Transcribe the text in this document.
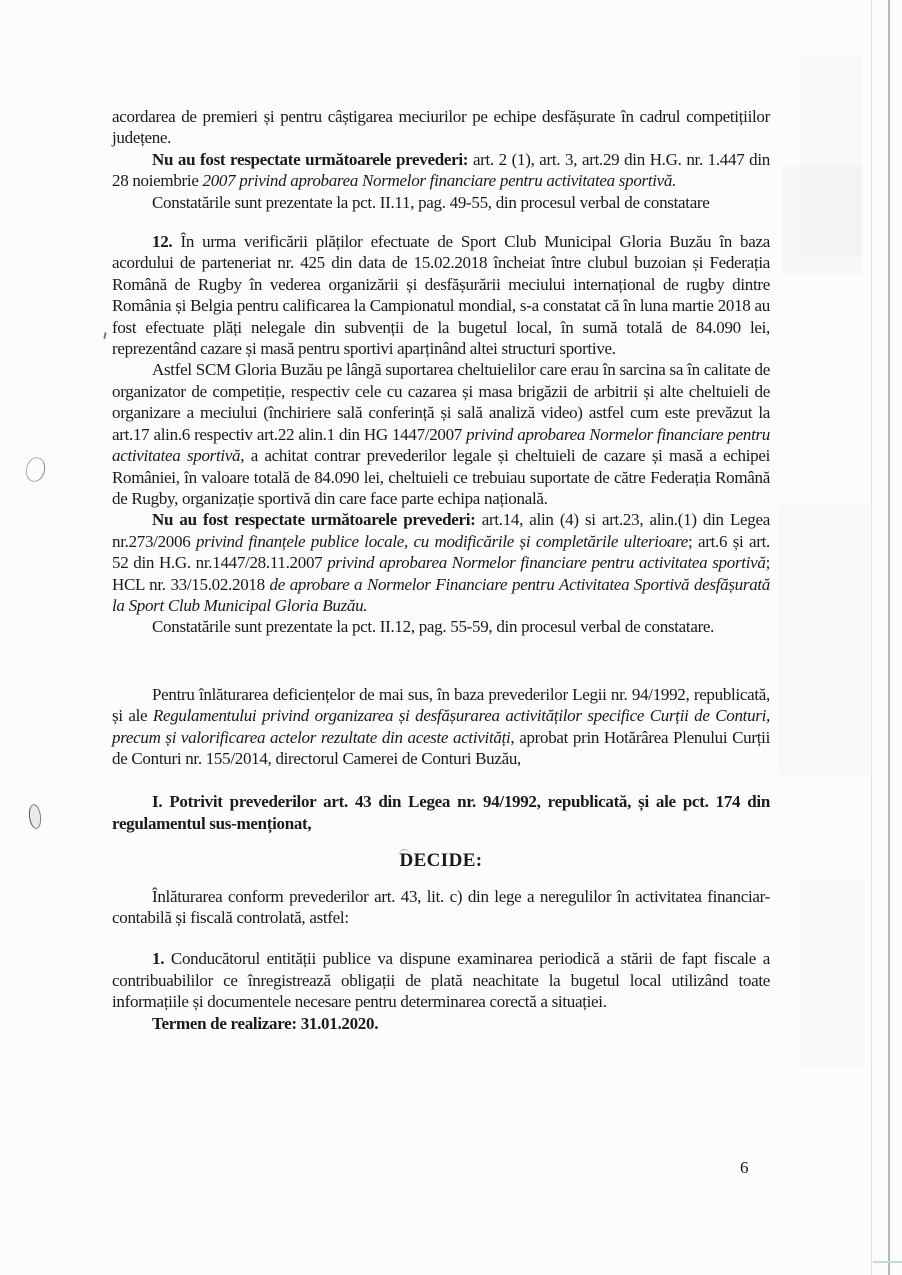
acordarea de premieri și pentru câștigarea meciurilor pe echipe desfășurate în cadrul competițiilor județene.

Nu au fost respectate următoarele prevederi: art. 2 (1), art. 3, art.29 din H.G. nr. 1.447 din 28 noiembrie 2007 privind aprobarea Normelor financiare pentru activitatea sportivă.

Constatările sunt prezentate la pct. II.11, pag. 49-55, din procesul verbal de constatare

12. În urma verificării plăților efectuate de Sport Club Municipal Gloria Buzău în baza acordului de parteneriat nr. 425 din data de 15.02.2018 încheiat între clubul buzoian și Federația Română de Rugby în vederea organizării și desfășurării meciului internațional de rugby dintre România și Belgia pentru calificarea la Campionatul mondial, s-a constatat că în luna martie 2018 au fost efectuate plăți nelegale din subvenții de la bugetul local, în sumă totală de 84.090 lei, reprezentând cazare și masă pentru sportivi aparținând altei structuri sportive.

Astfel SCM Gloria Buzău pe lângă suportarea cheltuielilor care erau în sarcina sa în calitate de organizator de competiție, respectiv cele cu cazarea și masa brigăzii de arbitrii și alte cheltuieli de organizare a meciului (închiriere sală conferință și sală analiză video) astfel cum este prevăzut la art.17 alin.6 respectiv art.22 alin.1 din HG 1447/2007 privind aprobarea Normelor financiare pentru activitatea sportivă, a achitat contrar prevederilor legale și cheltuieli de cazare și masă a echipei României, în valoare totală de 84.090 lei, cheltuieli ce trebuiau suportate de către Federația Română de Rugby, organizație sportivă din care face parte echipa națională.

Nu au fost respectate următoarele prevederi: art.14, alin (4) si art.23, alin.(1) din Legea nr.273/2006 privind finanțele publice locale, cu modificările și completările ulterioare; art.6 și art. 52 din H.G. nr.1447/28.11.2007 privind aprobarea Normelor financiare pentru activitatea sportivă; HCL nr. 33/15.02.2018 de aprobare a Normelor Financiare pentru Activitatea Sportivă desfășurată la Sport Club Municipal Gloria Buzău.

Constatările sunt prezentate la pct. II.12, pag. 55-59, din procesul verbal de constatare.

Pentru înlăturarea deficiențelor de mai sus, în baza prevederilor Legii nr. 94/1992, republicată, și ale Regulamentului privind organizarea și desfășurarea activităților specifice Curții de Conturi, precum și valorificarea actelor rezultate din aceste activități, aprobat prin Hotărârea Plenului Curții de Conturi nr. 155/2014, directorul Camerei de Conturi Buzău,

I. Potrivit prevederilor art. 43 din Legea nr. 94/1992, republicată, și ale pct. 174 din regulamentul sus-menționat,

DECIDE:

Înlăturarea conform prevederilor art. 43, lit. c) din lege a neregulilor în activitatea financiar-contabilă și fiscală controlată, astfel:

1. Conducătorul entității publice va dispune examinarea periodică a stării de fapt fiscale a contribuabililor ce înregistrează obligații de plată neachitate la bugetul local utilizând toate informațiile și documentele necesare pentru determinarea corectă a situației.

Termen de realizare: 31.01.2020.

6
